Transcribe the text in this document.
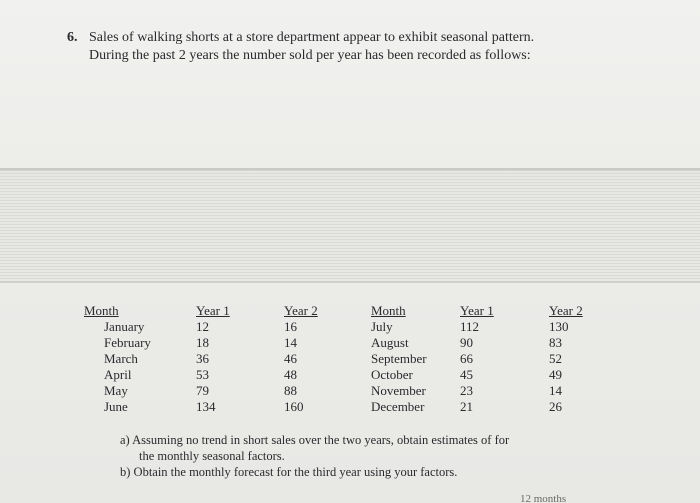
6. Sales of walking shorts at a store department appear to exhibit seasonal pattern.
During the past 2 years the number sold per year has been recorded as follows:
Month
January
February
March
April
May
June
Year 1
12
18
36
53
79
134
Year 2
16
14
46
48
88
160
Month
July
August
September
October
November
December
Year 1
112
90
66
45
23
21
Year 2
130
83
52
49
14
26
a) Assuming no trend in short sales over the two years, obtain estimates of for
the monthly seasonal factors.
b) Obtain the monthly forecast for the third year using your factors.
12 months
